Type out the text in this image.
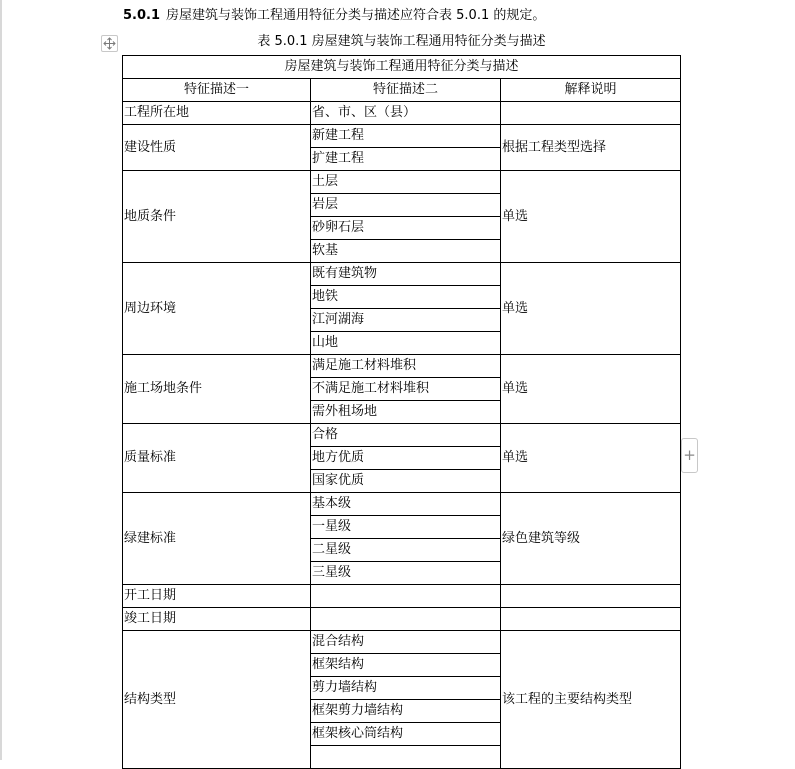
5.0.1 房屋建筑与装饰工程通用特征分类与描述应符合表 5.0.1 的规定。
表 5.0.1 房屋建筑与装饰工程通用特征分类与描述
房屋建筑与装饰工程通用特征分类与描述		
特征描述一	特征描述二	解释说明
工程所在地	省、市、区（县）	
建设性质	新建工程	根据工程类型选择
	扩建工程	
地质条件	土层	单选
	岩层	
	砂卵石层	
	软基	
周边环境	既有建筑物	单选
	地铁	
	江河湖海	
	山地	
施工场地条件	满足施工材料堆积	单选
	不满足施工材料堆积	
	需外租场地	
质量标准	合格	单选
	地方优质	
	国家优质	
绿建标准	基本级	绿色建筑等级
	一星级	
	二星级	
	三星级	
开工日期		
竣工日期		
结构类型	混合结构	该工程的主要结构类型
	框架结构	
	剪力墙结构	
	框架剪力墙结构	
	框架核心筒结构	

+
